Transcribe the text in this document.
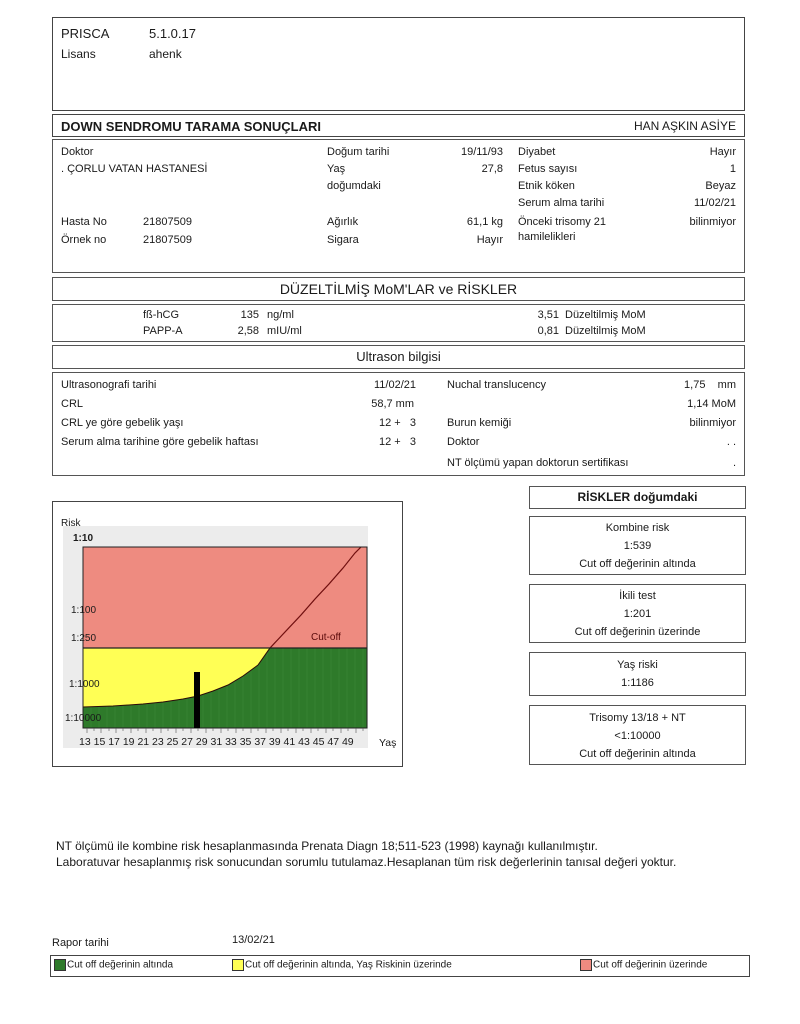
PRISCA	5.1.0.17
Lisans	ahenk
DOWN SENDROMU TARAMA SONUÇLARI	HAN AŞKIN ASİYE
Doktor
. ÇORLU VATAN HASTANESİ
Hasta No	21807509
Örnek no	21807509
Doğum tarihi	19/11/93
Yaş	27,8
doğumdaki
Ağırlık	61,1 kg
Sigara	Hayır
Diyabet	Hayır
Fetus sayısı	1
Etnik köken	Beyaz
Serum alma tarihi	11/02/21
Önceki trisomy 21
hamilelikleri
bilinmiyor
DÜZELTİLMİŞ MoM'LAR ve RİSKLER
fß-hCG	135 ng/ml	3,51 Düzeltilmiş MoM
PAPP-A	2,58 mIU/ml	0,81 Düzeltilmiş MoM
Ultrason bilgisi
Ultrasonografi tarihi	11/02/21
CRL	58,7 mm
CRL ye göre gebelik yaşı	12 +   3
Serum alma tarihine göre gebelik haftası	12 +   3
Nuchal translucency	1,75    mm
1,14 MoM
Burun kemiği	bilinmiyor
Doktor	. .
NT ölçümü yapan doktorun sertifikası	.
Risk
1:10
1:100
1:250
1:1000
1:10000
Cut-off
13 15 17 19 21 23 25 27 29 31 33 35 37 39 41 43 45 47 49 Yaş
RİSKLER doğumdaki
Kombine risk
1:539
Cut off değerinin altında
İkili test
1:201
Cut off değerinin üzerinde
Yaş riski
1:1186
Trisomy 13/18 + NT
<1:10000
Cut off değerinin altında
NT ölçümü ile kombine risk hesaplanmasında Prenata Diagn 18;511-523 (1998) kaynağı kullanılmıştır.
Laboratuvar hesaplanmış risk sonucundan sorumlu tutulamaz.Hesaplanan tüm risk değerlerinin tanısal değeri yoktur.
Rapor tarihi	13/02/21
Cut off değerinin altında	Cut off değerinin altında, Yaş Riskinin üzerinde	Cut off değerinin üzerinde
